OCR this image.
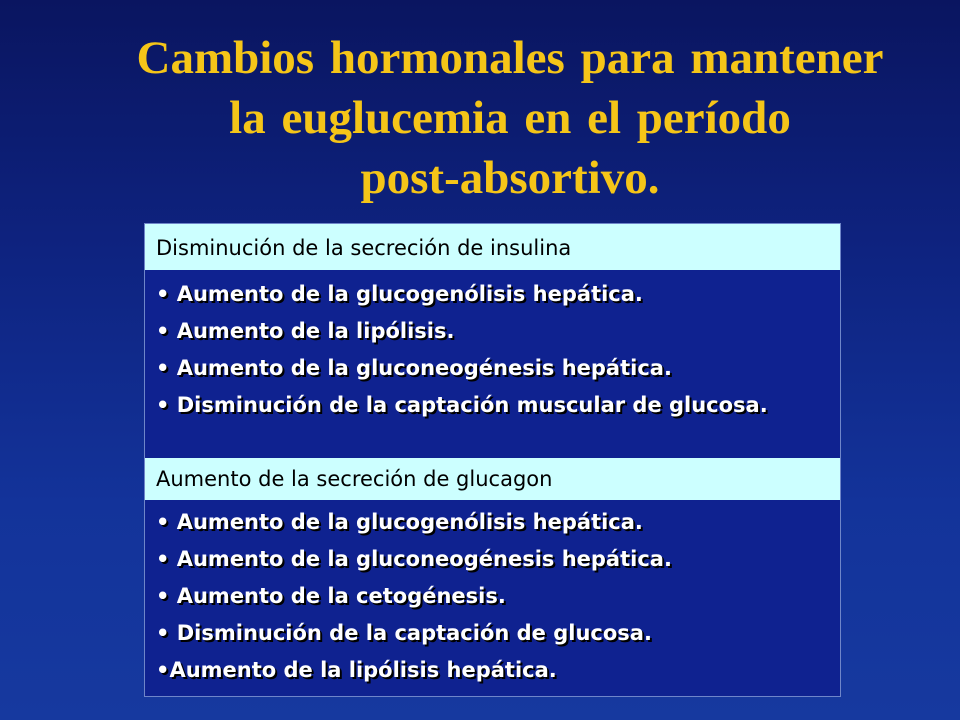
Cambios hormonales para mantener
la euglucemia en el período
post-absortivo.
Disminución de la secreción de insulina
• Aumento de la glucogenólisis hepática.
• Aumento de la lipólisis.
• Aumento de la gluconeogénesis hepática.
• Disminución de la captación muscular de glucosa.
Aumento de la secreción de glucagon
• Aumento de la glucogenólisis hepática.
• Aumento de la gluconeogénesis hepática.
• Aumento de la cetogénesis.
• Disminución de la captación de glucosa.
•Aumento de la lipólisis hepática.
